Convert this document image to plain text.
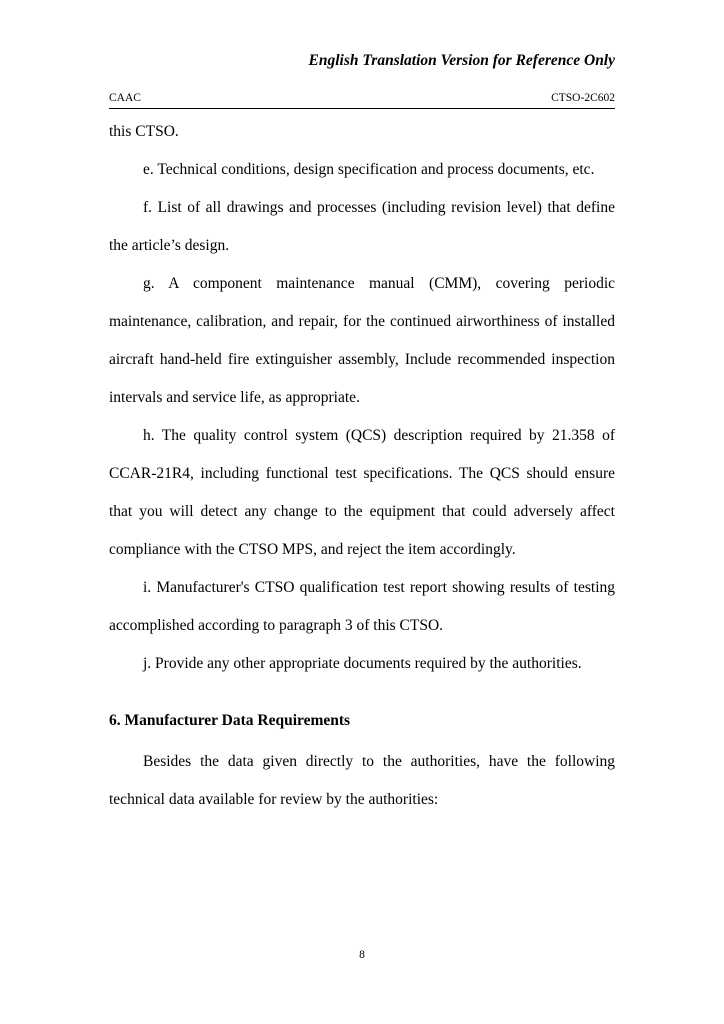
English Translation Version for Reference Only
CAAC	CTSO-2C602

this CTSO.

e. Technical conditions, design specification and process documents, etc.

f. List of all drawings and processes (including revision level) that define the article’s design.

g. A component maintenance manual (CMM), covering periodic maintenance, calibration, and repair, for the continued airworthiness of installed aircraft hand-held fire extinguisher assembly, Include recommended inspection intervals and service life, as appropriate.

h. The quality control system (QCS) description required by 21.358 of CCAR-21R4, including functional test specifications. The QCS should ensure that you will detect any change to the equipment that could adversely affect compliance with the CTSO MPS, and reject the item accordingly.

i. Manufacturer's CTSO qualification test report showing results of testing accomplished according to paragraph 3 of this CTSO.

j. Provide any other appropriate documents required by the authorities.

6. Manufacturer Data Requirements

Besides the data given directly to the authorities, have the following technical data available for review by the authorities:

8
